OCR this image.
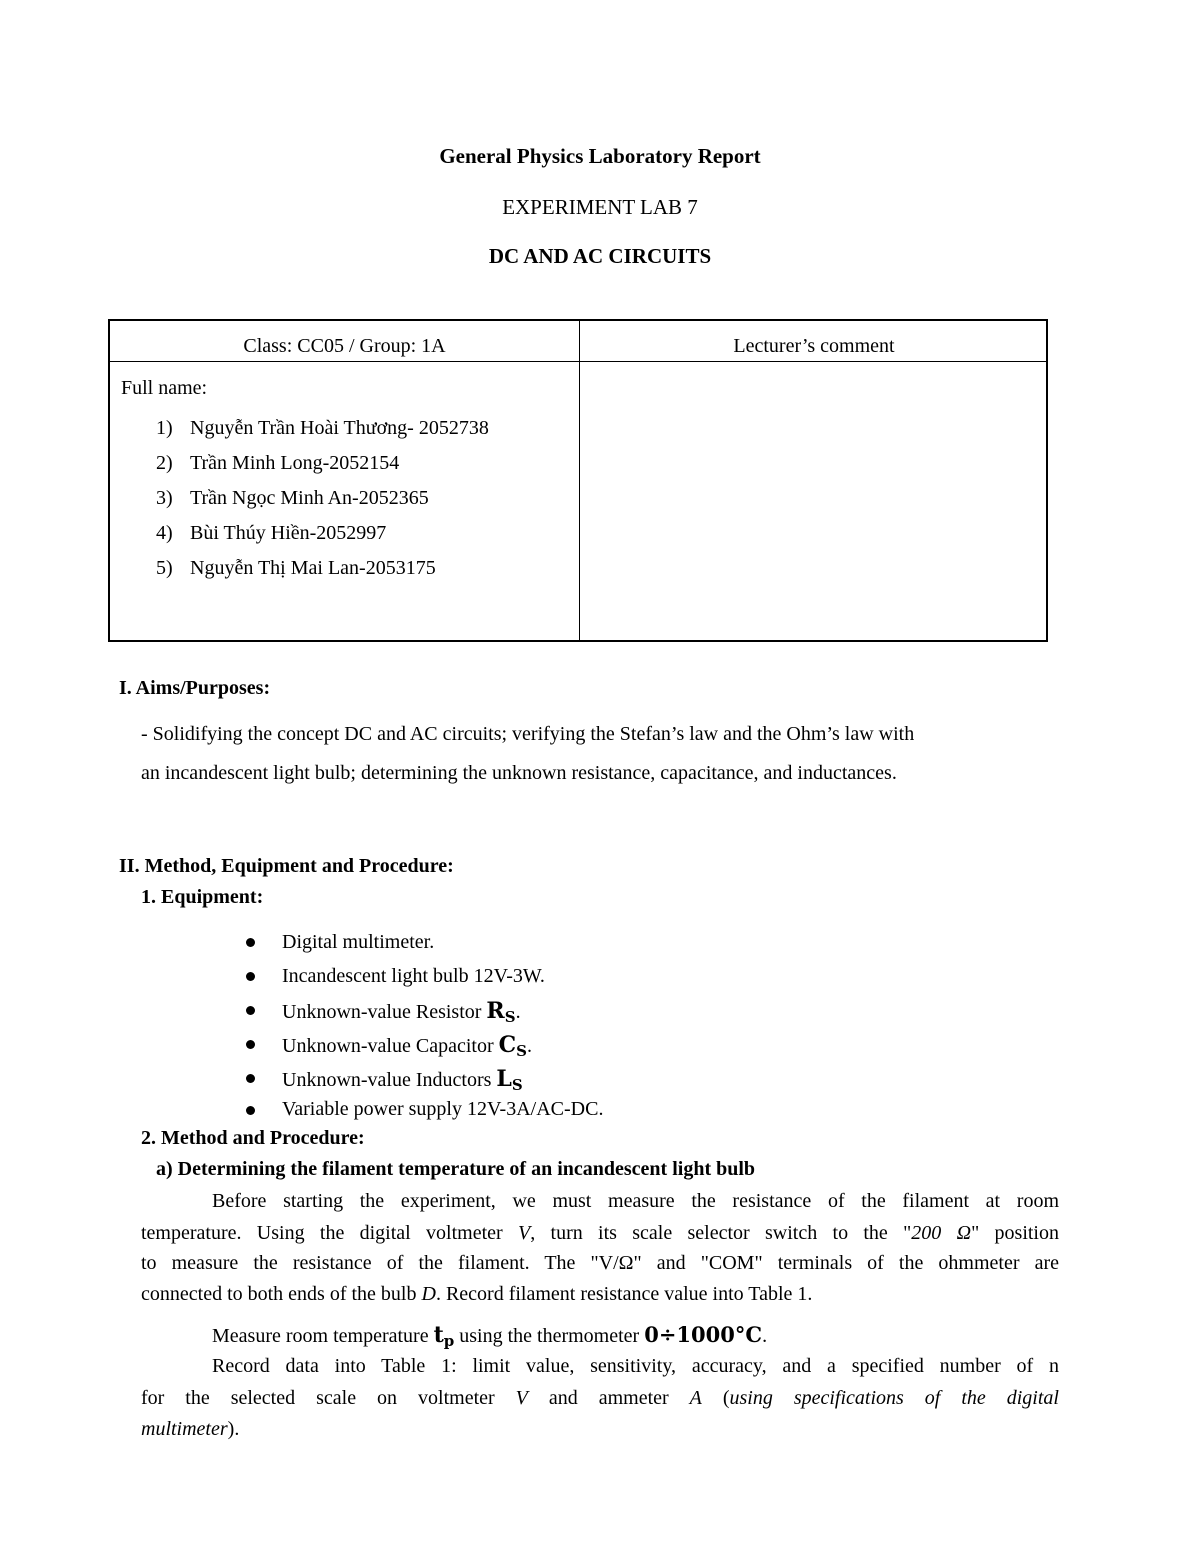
General Physics Laboratory Report
EXPERIMENT LAB 7
DC AND AC CIRCUITS
Class: CC05 / Group: 1A	Lecturer’s comment
Full name:
1) Nguyễn Trần Hoài Thương- 2052738
2) Trần Minh Long-2052154
3) Trần Ngọc Minh An-2052365
4) Bùi Thúy Hiền-2052997
5) Nguyễn Thị Mai Lan-2053175
I. Aims/Purposes:
- Solidifying the concept DC and AC circuits; verifying the Stefan’s law and the Ohm’s law with
an incandescent light bulb; determining the unknown resistance, capacitance, and inductances.
II. Method, Equipment and Procedure:
1. Equipment:
Digital multimeter.
Incandescent light bulb 12V-3W.
Unknown-value Resistor $R_S$.
Unknown-value Capacitor $C_S$.
Unknown-value Inductors $L_S$
Variable power supply 12V-3A/AC-DC.
2. Method and Procedure:
a) Determining the filament temperature of an incandescent light bulb
Before starting the experiment, we must measure the resistance of the filament at room
temperature. Using the digital voltmeter V, turn its scale selector switch to the "200 Ω" position
to measure the resistance of the filament. The "V/Ω" and "COM" terminals of the ohmmeter are
connected to both ends of the bulb D. Record filament resistance value into Table 1.
Measure room temperature $t_p$ using the thermometer 0÷1000°C.
Record data into Table 1: limit value, sensitivity, accuracy, and a specified number of n
for the selected scale on voltmeter V and ammeter A (using specifications of the digital
multimeter).
